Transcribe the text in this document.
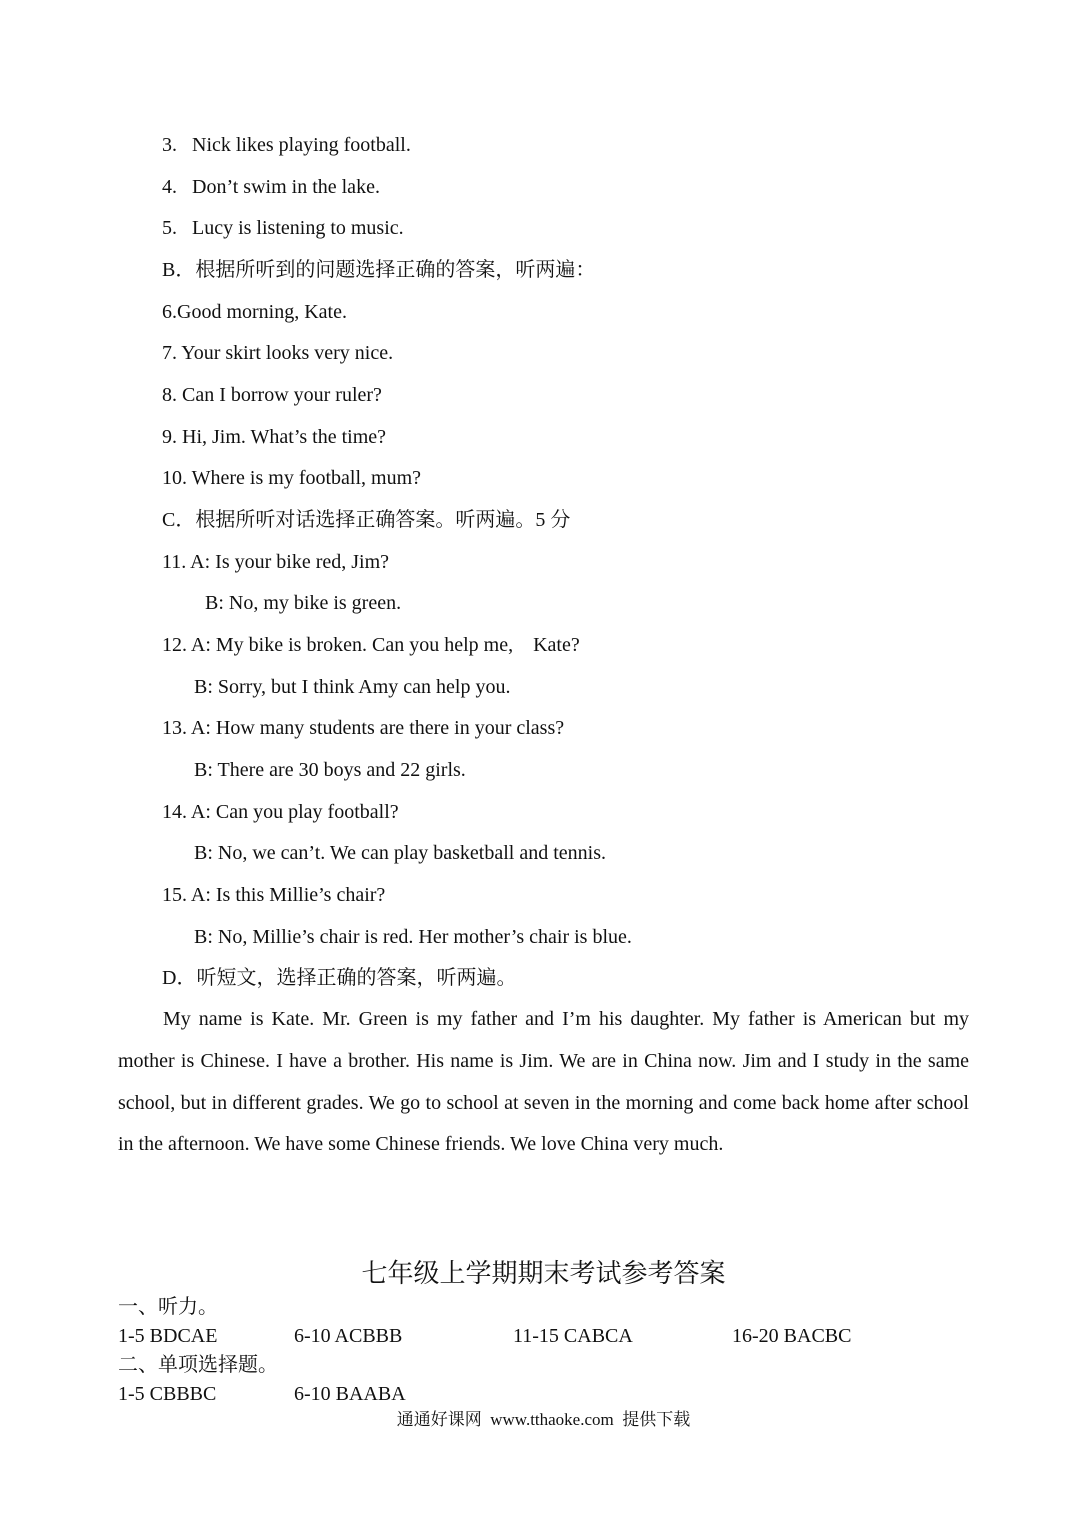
3.   Nick likes playing football.
4.   Don’t swim in the lake.
5.   Lucy is listening to music.
B．根据所听到的问题选择正确的答案，听两遍：
6.Good morning, Kate.
7. Your skirt looks very nice.
8. Can I borrow your ruler?
9. Hi, Jim. What’s the time?
10. Where is my football, mum?
C．根据所听对话选择正确答案。听两遍。5 分
11. A: Is your bike red, Jim?
B: No, my bike is green.
12. A: My bike is broken. Can you help me,    Kate?
B: Sorry, but I think Amy can help you.
13. A: How many students are there in your class?
B: There are 30 boys and 22 girls.
14. A: Can you play football?
B: No, we can’t. We can play basketball and tennis.
15. A: Is this Millie’s chair?
B: No, Millie’s chair is red. Her mother’s chair is blue.
D．听短文，选择正确的答案，听两遍。
My name is Kate. Mr. Green is my father and I’m his daughter. My father is American but my mother is Chinese. I have a brother. His name is Jim. We are in China now. Jim and I study in the same school, but in different grades. We go to school at seven in the morning and come back home after school in the afternoon. We have some Chinese friends. We love China very much.
七年级上学期期末考试参考答案
一、听力。
1-5 BDCAE	6-10 ACBBB	11-15 CABCA	16-20 BACBC
二、单项选择题。
1-5 CBBBC	6-10 BAABA
通通好课网  www.tthaoke.com  提供下载
